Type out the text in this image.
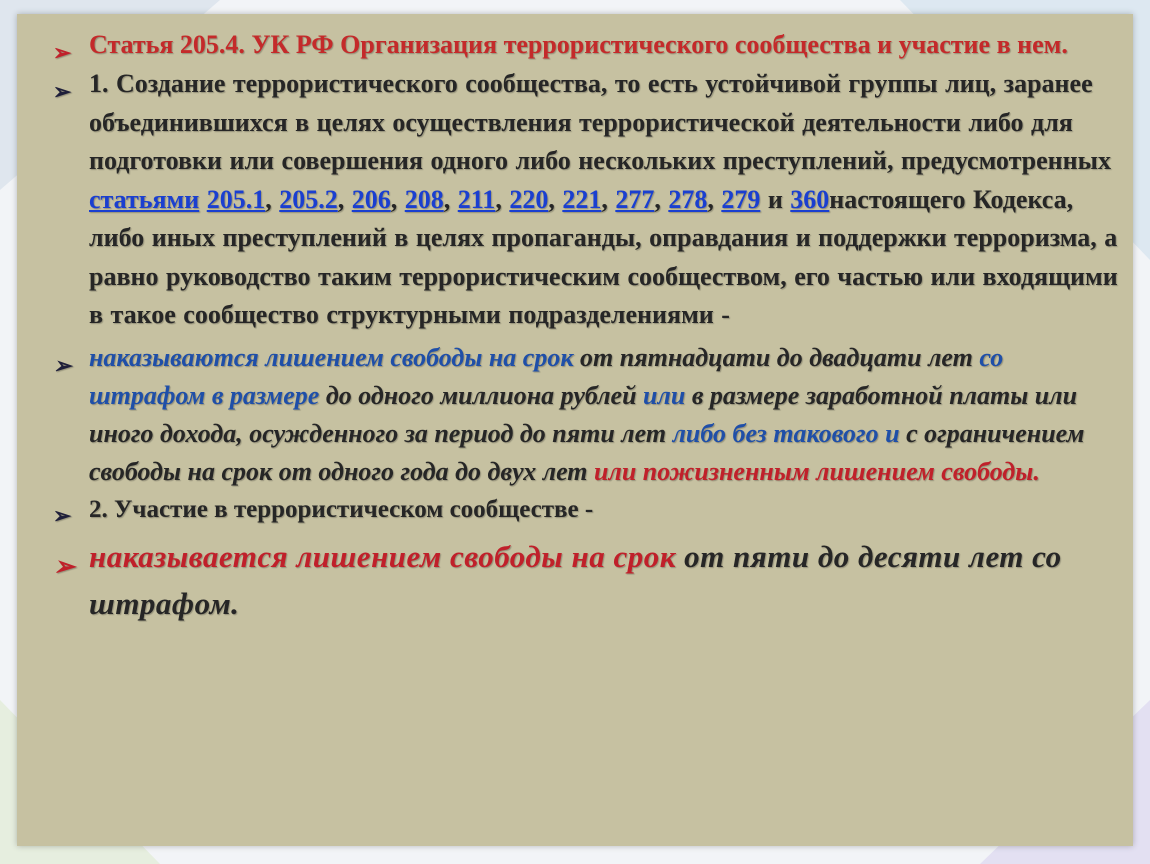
➢ Статья 205.4. УК РФ Организация террористического сообщества и участие в нем.
➢ 1. Создание террористического сообщества, то есть устойчивой группы лиц, заранее объединившихся в целях осуществления террористической деятельности либо для подготовки или совершения одного либо нескольких преступлений, предусмотренных статьями 205.1, 205.2, 206, 208, 211, 220, 221, 277, 278, 279 и 360настоящего Кодекса, либо иных преступлений в целях пропаганды, оправдания и поддержки терроризма, а равно руководство таким террористическим сообществом, его частью или входящими в такое сообщество структурными подразделениями -
➢ наказываются лишением свободы на срок от пятнадцати до двадцати лет со штрафом в размере до одного миллиона рублей или в размере заработной платы или иного дохода, осужденного за период до пяти лет либо без такового и с ограничением свободы на срок от одного года до двух лет или пожизненным лишением свободы.
➢ 2. Участие в террористическом сообществе -
➢ наказывается лишением свободы на срок от пяти до десяти лет со штрафом.
